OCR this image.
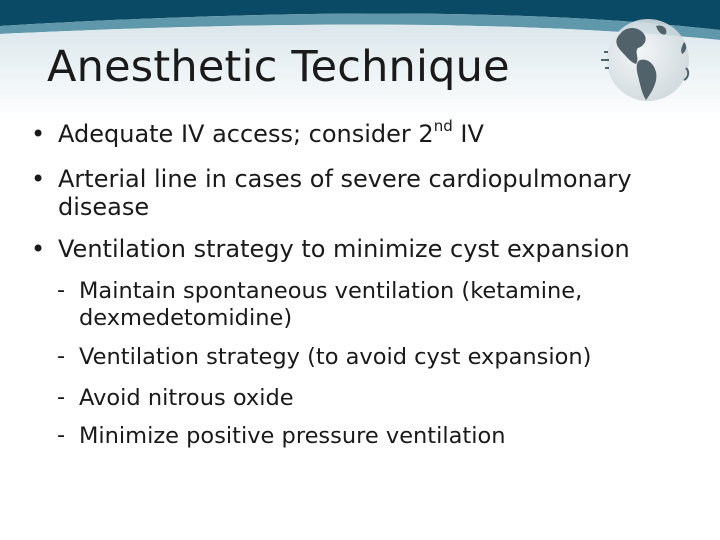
Anesthetic Technique
• Adequate IV access; consider 2nd IV
• Arterial line in cases of severe cardiopulmonary
disease
• Ventilation strategy to minimize cyst expansion
- Maintain spontaneous ventilation (ketamine,
dexmedetomidine)
- Ventilation strategy (to avoid cyst expansion)
- Avoid nitrous oxide
- Minimize positive pressure ventilation
